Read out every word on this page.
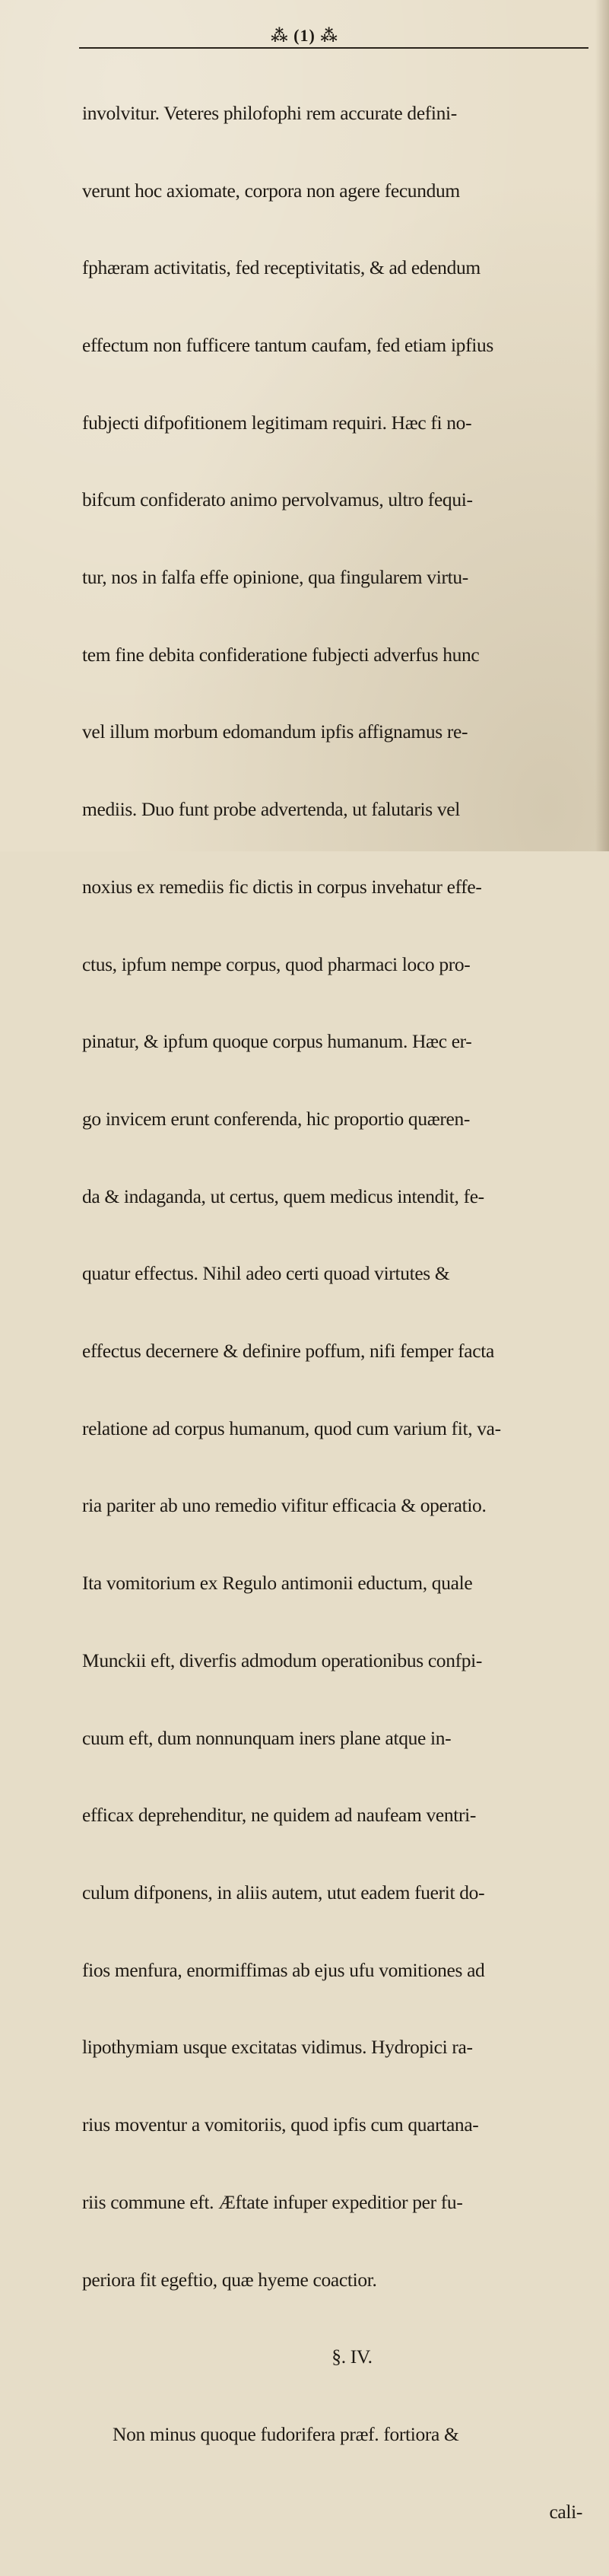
⁂ (1) ⁂

involvitur. Veteres philofophi rem accurate defini-

verunt hoc axiomate, corpora non agere fecundum

fphæram activitatis, fed receptivitatis, & ad edendum

effectum non fufficere tantum caufam, fed etiam ipfius

fubjecti difpofitionem legitimam requiri. Hæc fi no-

bifcum confiderato animo pervolvamus, ultro fequi-

tur, nos in falfa effe opinione, qua fingularem virtu-

tem fine debita confideratione fubjecti adverfus hunc

vel illum morbum edomandum ipfis affignamus re-

mediis. Duo funt probe advertenda, ut falutaris vel

noxius ex remediis fic dictis in corpus invehatur effe-

ctus, ipfum nempe corpus, quod pharmaci loco pro-

pinatur, & ipfum quoque corpus humanum. Hæc er-

go invicem erunt conferenda, hic proportio quæren-

da & indaganda, ut certus, quem medicus intendit, fe-

quatur effectus. Nihil adeo certi quoad virtutes &

effectus decernere & definire poffum, nifi femper facta

relatione ad corpus humanum, quod cum varium fit, va-

ria pariter ab uno remedio vifitur efficacia & operatio.

Ita vomitorium ex Regulo antimonii eductum, quale

Munckii eft, diverfis admodum operationibus confpi-

cuum eft, dum nonnunquam iners plane atque in-

efficax deprehenditur, ne quidem ad naufeam ventri-

culum difponens, in aliis autem, utut eadem fuerit do-

fios menfura, enormiffimas ab ejus ufu vomitiones ad

lipothymiam usque excitatas vidimus. Hydropici ra-

rius moventur a vomitoriis, quod ipfis cum quartana-

riis commune eft. Æftate infuper expeditior per fu-

periora fit egeftio, quæ hyeme coactior.

§. IV.

Non minus quoque fudorifera præf. fortiora &

cali-
